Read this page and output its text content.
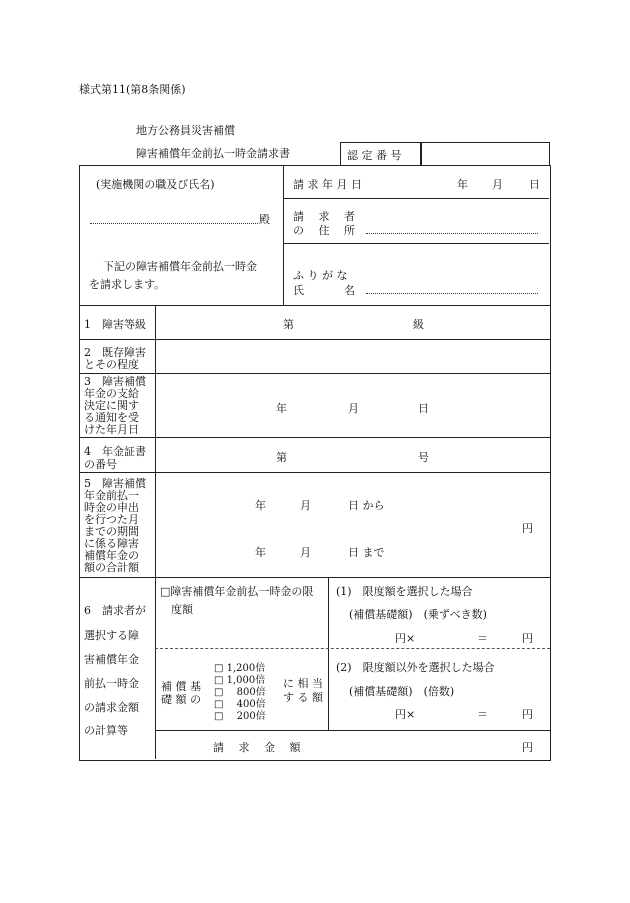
様式第11(第8条関係)
地方公務員災害補償
障害補償年金前払一時金請求書	認 定 番 号
(実施機関の職及び氏名)
殿
下記の障害補償年金前払一時金
を請求します。
請 求 年 月 日	年 月 日
請　 求　 者
の　 住　 所
ふ り が な
氏　 　　 名
1　障害等級	第	級
2　既存障害
とその程度
3　障害補償
年金の支給
決定に関す
る通知を受
けた年月日
年	月	日
4　年金証書
の番号
第	号
5　障害補償
年金前払一
時金の申出
を行つた月
までの期間
に係る障害
補償年金の
額の合計額
年	月	日 から
年	月	日 まで
円
6　請求者が
選択する障
害補償年金
前払一時金
の請求金額
の計算等
□障害補償年金前払一時金の限
度額
補 償 基
礎 額 の
□ 1,200倍
□ 1,000倍
□　 800倍
□　 400倍
□　 200倍
に 相 当
す る 額
(1)　限度額を選択した場合
(補償基礎額)　(乗ずべき数)
円×	＝	円
(2)　限度額以外を選択した場合
(補償基礎額)　(倍数)
円×	＝	円
請　 求　 金　 額	円
